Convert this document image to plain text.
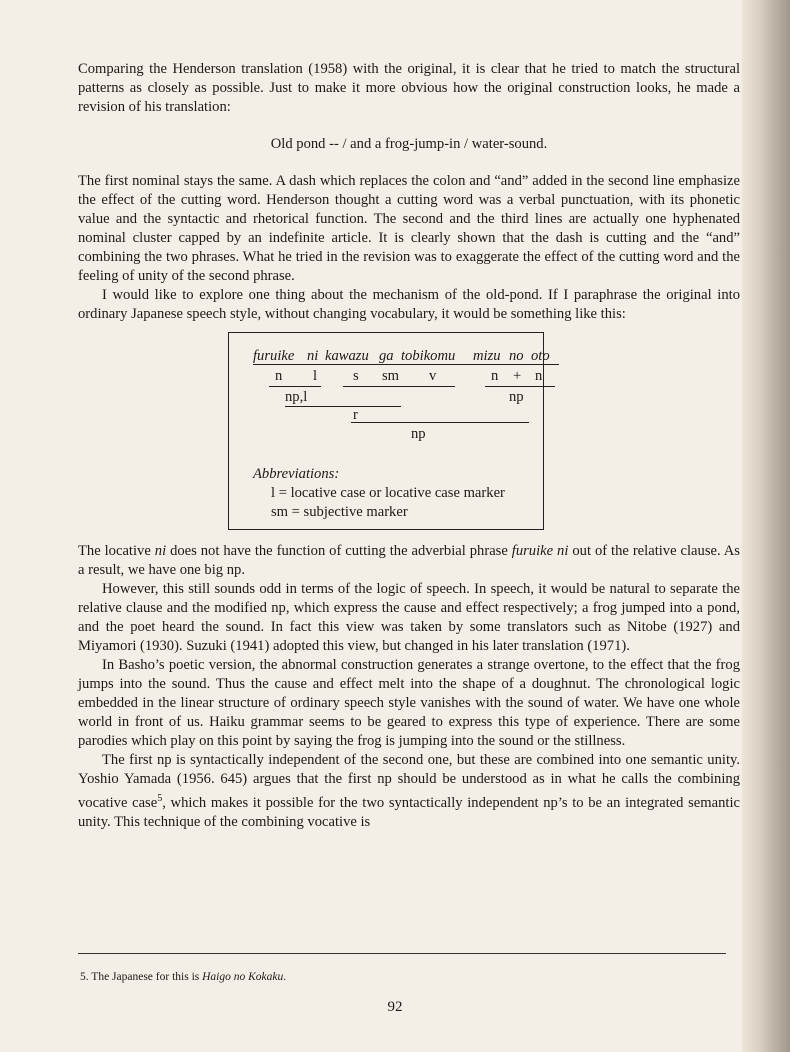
Comparing the Henderson translation (1958) with the original, it is clear that he tried to match the structural patterns as closely as possible. Just to make it more obvious how the original construction looks, he made a revision of his translation:

Old pond -- / and a frog-jump-in / water-sound.

The first nominal stays the same. A dash which replaces the colon and “and” added in the second line emphasize the effect of the cutting word. Henderson thought a cutting word was a verbal punctuation, with its phonetic value and the syntactic and rhetorical function. The second and the third lines are actually one hyphenated nominal cluster capped by an indefinite article. It is clearly shown that the dash is cutting and the “and” combining the two phrases. What he tried in the revision was to exaggerate the effect of the cutting word and the feeling of unity of the second phrase.

I would like to explore one thing about the mechanism of the old-pond. If I paraphrase the original into ordinary Japanese speech style, without changing vocabulary, it would be something like this:

furuike ni kawazu ga tobikomu mizu no oto
n l s sm v	n + n
np,l	np
r
np
Abbreviations:
l = locative case or locative case marker
sm = subjective marker

The locative ni does not have the function of cutting the adverbial phrase furuike ni out of the relative clause. As a result, we have one big np.

However, this still sounds odd in terms of the logic of speech. In speech, it would be natural to separate the relative clause and the modified np, which express the cause and effect respectively; a frog jumped into a pond, and the poet heard the sound. In fact this view was taken by some translators such as Nitobe (1927) and Miyamori (1930). Suzuki (1941) adopted this view, but changed in his later translation (1971).

In Basho’s poetic version, the abnormal construction generates a strange overtone, to the effect that the frog jumps into the sound. Thus the cause and effect melt into the shape of a doughnut. The chronological logic embedded in the linear structure of ordinary speech style vanishes with the sound of water. We have one whole world in front of us. Haiku grammar seems to be geared to express this type of experience. There are some parodies which play on this point by saying the frog is jumping into the sound or the stillness.

The first np is syntactically independent of the second one, but these are combined into one semantic unity. Yoshio Yamada (1956. 645) argues that the first np should be understood as in what he calls the combining vocative case$^5$, which makes it possible for the two syntactically independent np’s to be an integrated semantic unity. This technique of the combining vocative is

5. The Japanese for this is Haigo no Kokaku.
92
